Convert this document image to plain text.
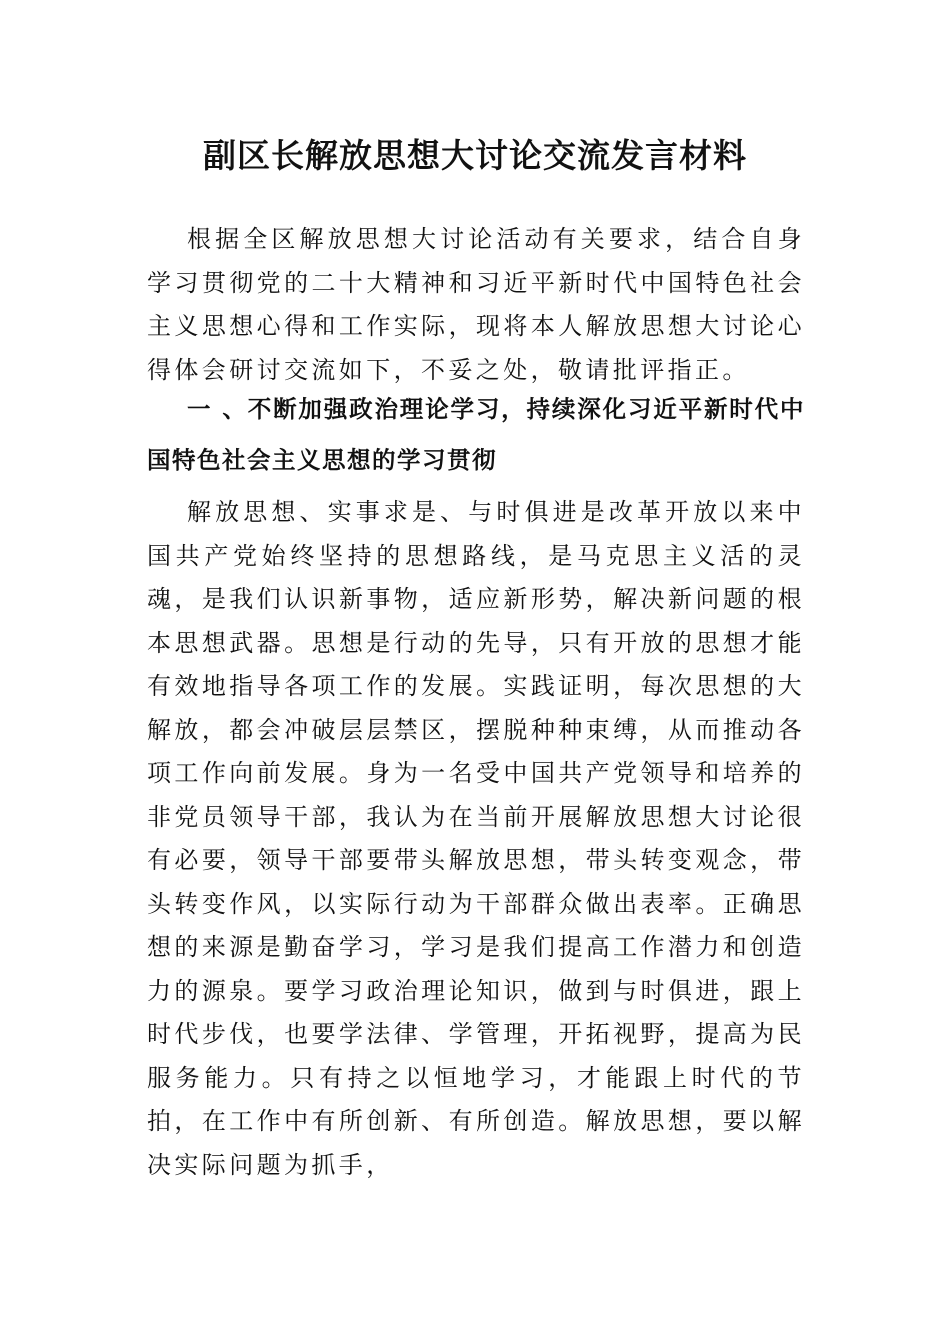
副区长解放思想大讨论交流发言材料

根据全区解放思想大讨论活动有关要求，结合自身学习贯彻党的二十大精神和习近平新时代中国特色社会主义思想心得和工作实际，现将本人解放思想大讨论心得体会研讨交流如下，不妥之处，敬请批评指正。

一 、不断加强政治理论学习，持续深化习近平新时代中国特色社会主义思想的学习贯彻

解放思想、实事求是、与时俱进是改革开放以来中国共产党始终坚持的思想路线，是马克思主义活的灵魂，是我们认识新事物，适应新形势，解决新问题的根本思想武器。思想是行动的先导，只有开放的思想才能有效地指导各项工作的发展。实践证明，每次思想的大解放，都会冲破层层禁区，摆脱种种束缚，从而推动各项工作向前发展。身为一名受中国共产党领导和培养的非党员领导干部，我认为在当前开展解放思想大讨论很有必要，领导干部要带头解放思想，带头转变观念，带头转变作风，以实际行动为干部群众做出表率。正确思想的来源是勤奋学习，学习是我们提高工作潜力和创造力的源泉。要学习政治理论知识，做到与时俱进，跟上时代步伐，也要学法律、学管理，开拓视野，提高为民服务能力。只有持之以恒地学习，才能跟上时代的节拍，在工作中有所创新、有所创造。解放思想，要以解决实际问题为抓手，
